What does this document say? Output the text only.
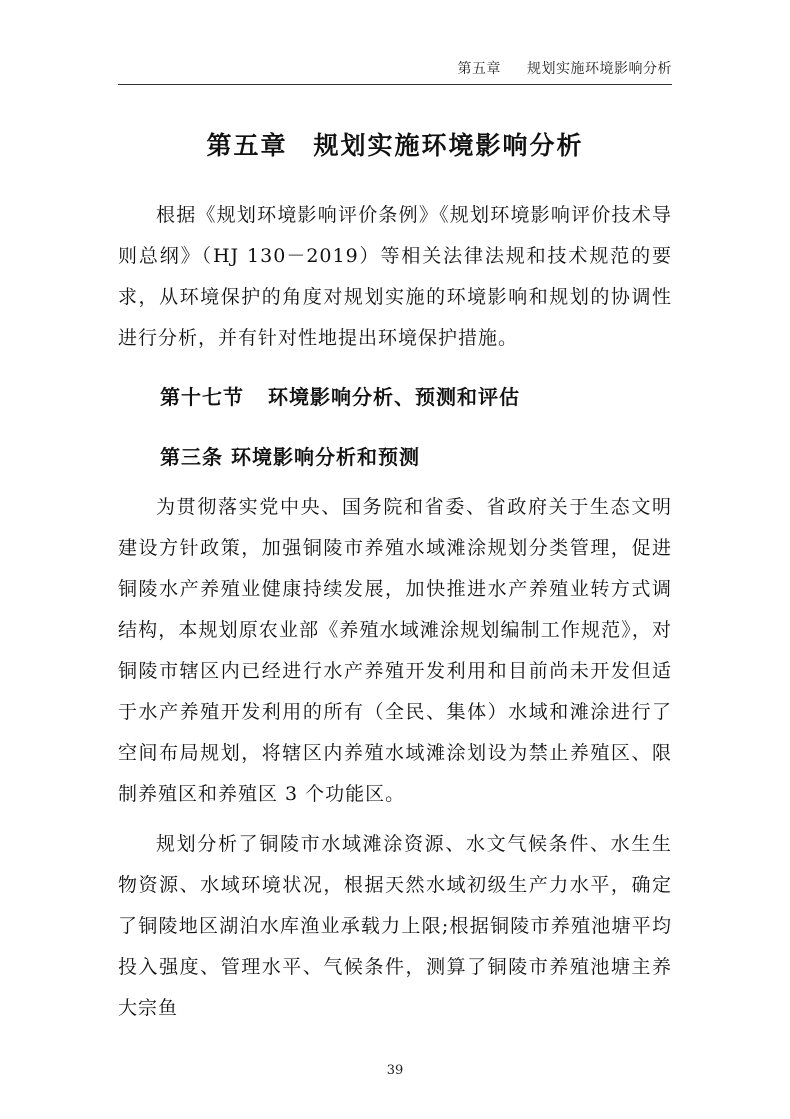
第五章 规划实施环境影响分析
第五章 规划实施环境影响分析

根据《规划环境影响评价条例》《规划环境影响评价技术导则总纲》（HJ 130－2019）等相关法律法规和技术规范的要求，从环境保护的角度对规划实施的环境影响和规划的协调性进行分析，并有针对性地提出环境保护措施。

第十七节 环境影响分析、预测和评估
第三条 环境影响分析和预测

为贯彻落实党中央、国务院和省委、省政府关于生态文明建设方针政策，加强铜陵市养殖水域滩涂规划分类管理，促进铜陵水产养殖业健康持续发展，加快推进水产养殖业转方式调结构，本规划原农业部《养殖水域滩涂规划编制工作规范》，对铜陵市辖区内已经进行水产养殖开发利用和目前尚未开发但适于水产养殖开发利用的所有（全民、集体）水域和滩涂进行了空间布局规划，将辖区内养殖水域滩涂划设为禁止养殖区、限制养殖区和养殖区 3 个功能区。

规划分析了铜陵市水域滩涂资源、水文气候条件、水生生物资源、水域环境状况，根据天然水域初级生产力水平，确定了铜陵地区湖泊水库渔业承载力上限;根据铜陵市养殖池塘平均投入强度、管理水平、气候条件，测算了铜陵市养殖池塘主养大宗鱼

39
